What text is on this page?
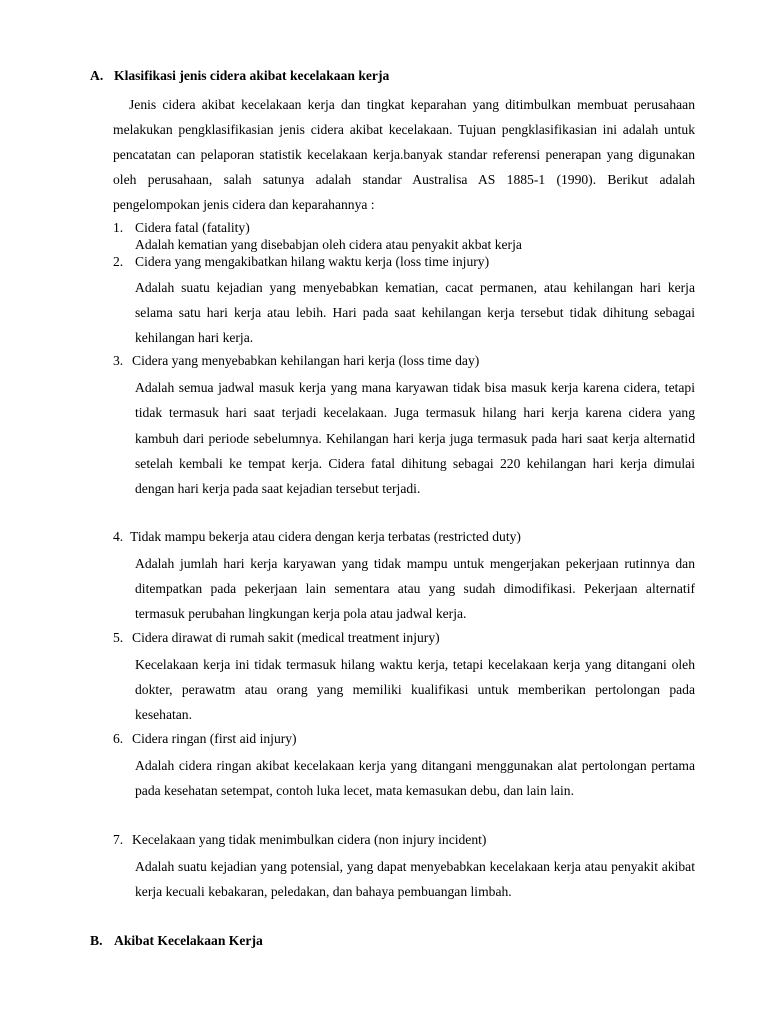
A. Klasifikasi jenis cidera akibat kecelakaan kerja
Jenis cidera akibat kecelakaan kerja dan tingkat keparahan yang ditimbulkan membuat perusahaan melakukan pengklasifikasian jenis cidera akibat kecelakaan. Tujuan pengklasifikasian ini adalah untuk pencatatan can pelaporan statistik kecelakaan kerja.banyak standar referensi penerapan yang digunakan oleh perusahaan, salah satunya adalah standar Australisa AS 1885-1 (1990). Berikut adalah pengelompokan jenis cidera dan keparahannya :
1. Cidera fatal (fatality)
Adalah kematian yang disebabjan oleh cidera atau penyakit akbat kerja
2. Cidera yang mengakibatkan hilang waktu kerja (loss time injury)
Adalah suatu kejadian yang menyebabkan kematian, cacat permanen, atau kehilangan hari kerja selama satu hari kerja atau lebih. Hari pada saat kehilangan kerja tersebut tidak dihitung sebagai kehilangan hari kerja.
3. Cidera yang menyebabkan kehilangan hari kerja (loss time day)
Adalah semua jadwal masuk kerja yang mana karyawan tidak bisa masuk kerja karena cidera, tetapi tidak termasuk hari saat terjadi kecelakaan. Juga termasuk hilang hari kerja karena cidera yang kambuh dari periode sebelumnya. Kehilangan hari kerja juga termasuk pada hari saat kerja alternatid setelah kembali ke tempat kerja. Cidera fatal dihitung sebagai 220 kehilangan hari kerja dimulai dengan hari kerja pada saat kejadian tersebut terjadi.
4. Tidak mampu bekerja atau cidera dengan kerja terbatas (restricted duty)
Adalah jumlah hari kerja karyawan yang tidak mampu untuk mengerjakan pekerjaan rutinnya dan ditempatkan pada pekerjaan lain sementara atau yang sudah dimodifikasi. Pekerjaan alternatif termasuk perubahan lingkungan kerja pola atau jadwal kerja.
5. Cidera dirawat di rumah sakit (medical treatment injury)
Kecelakaan kerja ini tidak termasuk hilang waktu kerja, tetapi kecelakaan kerja yang ditangani oleh dokter, perawatm atau orang yang memiliki kualifikasi untuk memberikan pertolongan pada kesehatan.
6. Cidera ringan (first aid injury)
Adalah cidera ringan akibat kecelakaan kerja yang ditangani menggunakan alat pertolongan pertama pada kesehatan setempat, contoh luka lecet, mata kemasukan debu, dan lain lain.
7. Kecelakaan yang tidak menimbulkan cidera (non injury incident)
Adalah suatu kejadian yang potensial, yang dapat menyebabkan kecelakaan kerja atau penyakit akibat kerja kecuali kebakaran, peledakan, dan bahaya pembuangan limbah.
B. Akibat Kecelakaan Kerja
